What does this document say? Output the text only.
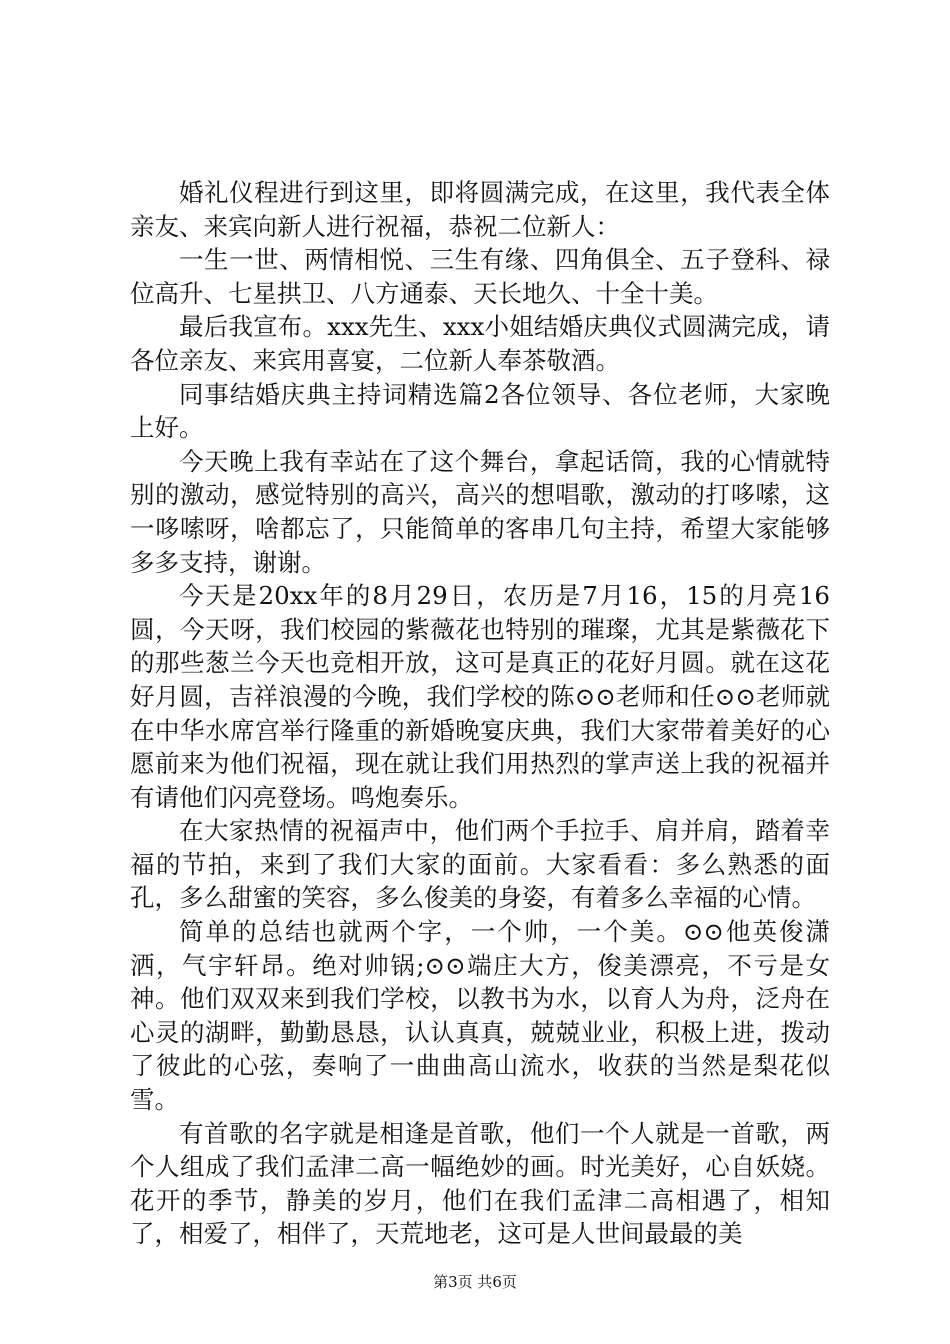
婚礼仪程进行到这里，即将圆满完成，在这里，我代表全体亲友、来宾向新人进行祝福，恭祝二位新人：

一生一世、两情相悦、三生有缘、四角俱全、五子登科、禄位高升、七星拱卫、八方通泰、天长地久、十全十美。

最后我宣布。xxx先生、xxx小姐结婚庆典仪式圆满完成，请各位亲友、来宾用喜宴，二位新人奉茶敬酒。

同事结婚庆典主持词精选篇2各位领导、各位老师，大家晚上好。

今天晚上我有幸站在了这个舞台，拿起话筒，我的心情就特别的激动，感觉特别的高兴，高兴的想唱歌，激动的打哆嗦，这一哆嗦呀，啥都忘了，只能简单的客串几句主持，希望大家能够多多支持，谢谢。

今天是20xx年的8月29日，农历是7月16，15的月亮16圆，今天呀，我们校园的紫薇花也特别的璀璨，尤其是紫薇花下的那些葱兰今天也竞相开放，这可是真正的花好月圆。就在这花好月圆，吉祥浪漫的今晚，我们学校的陈⊙⊙老师和任⊙⊙老师就在中华水席宫举行隆重的新婚晚宴庆典，我们大家带着美好的心愿前来为他们祝福，现在就让我们用热烈的掌声送上我的祝福并有请他们闪亮登场。鸣炮奏乐。

在大家热情的祝福声中，他们两个手拉手、肩并肩，踏着幸福的节拍，来到了我们大家的面前。大家看看：多么熟悉的面孔，多么甜蜜的笑容，多么俊美的身姿，有着多么幸福的心情。

简单的总结也就两个字，一个帅，一个美。⊙⊙他英俊潇洒，气宇轩昂。绝对帅锅;⊙⊙端庄大方，俊美漂亮，不亏是女神。他们双双来到我们学校，以教书为水，以育人为舟，泛舟在心灵的湖畔，勤勤恳恳，认认真真，兢兢业业，积极上进，拨动了彼此的心弦，奏响了一曲曲高山流水，收获的当然是梨花似雪。

有首歌的名字就是相逢是首歌，他们一个人就是一首歌，两个人组成了我们孟津二高一幅绝妙的画。时光美好，心自妖娆。花开的季节，静美的岁月，他们在我们孟津二高相遇了，相知了，相爱了，相伴了，天荒地老，这可是人世间最最的美

第3页 共6页
